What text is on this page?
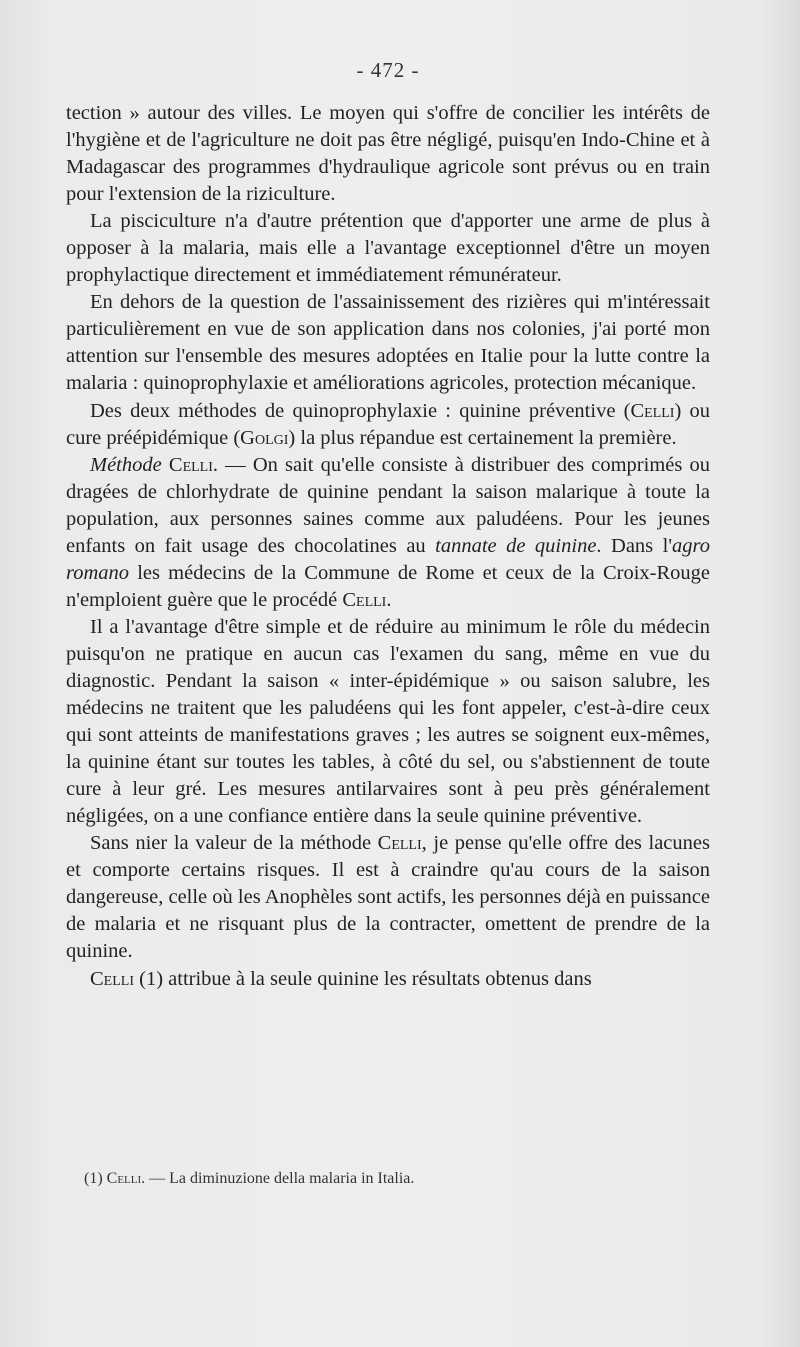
- 472 -

tection » autour des villes. Le moyen qui s'offre de concilier les intérêts de l'hygiène et de l'agriculture ne doit pas être négligé, puisqu'en Indo-Chine et à Madagascar des programmes d'hydraulique agricole sont prévus ou en train pour l'extension de la riziculture.

La pisciculture n'a d'autre prétention que d'apporter une arme de plus à opposer à la malaria, mais elle a l'avantage exceptionnel d'être un moyen prophylactique directement et immédiatement rémunérateur.

En dehors de la question de l'assainissement des rizières qui m'intéressait particulièrement en vue de son application dans nos colonies, j'ai porté mon attention sur l'ensemble des mesures adoptées en Italie pour la lutte contre la malaria : quinoprophylaxie et améliorations agricoles, protection mécanique.

Des deux méthodes de quinoprophylaxie : quinine préventive (Celli) ou cure préépidémique (Golgi) la plus répandue est certainement la première.

Méthode Celli. — On sait qu'elle consiste à distribuer des comprimés ou dragées de chlorhydrate de quinine pendant la saison malarique à toute la population, aux personnes saines comme aux paludéens. Pour les jeunes enfants on fait usage des chocolatines au tannate de quinine. Dans l'agro romano les médecins de la Commune de Rome et ceux de la Croix-Rouge n'emploient guère que le procédé Celli.

Il a l'avantage d'être simple et de réduire au minimum le rôle du médecin puisqu'on ne pratique en aucun cas l'examen du sang, même en vue du diagnostic. Pendant la saison « inter-épidémique » ou saison salubre, les médecins ne traitent que les paludéens qui les font appeler, c'est-à-dire ceux qui sont atteints de manifestations graves ; les autres se soignent eux-mêmes, la quinine étant sur toutes les tables, à côté du sel, ou s'abstiennent de toute cure à leur gré. Les mesures antilarvaires sont à peu près généralement négligées, on a une confiance entière dans la seule quinine préventive.

Sans nier la valeur de la méthode Celli, je pense qu'elle offre des lacunes et comporte certains risques. Il est à craindre qu'au cours de la saison dangereuse, celle où les Anophèles sont actifs, les personnes déjà en puissance de malaria et ne risquant plus de la contracter, omettent de prendre de la quinine.

Celli (1) attribue à la seule quinine les résultats obtenus dans

(1) Celli. — La diminuzione della malaria in Italia.
